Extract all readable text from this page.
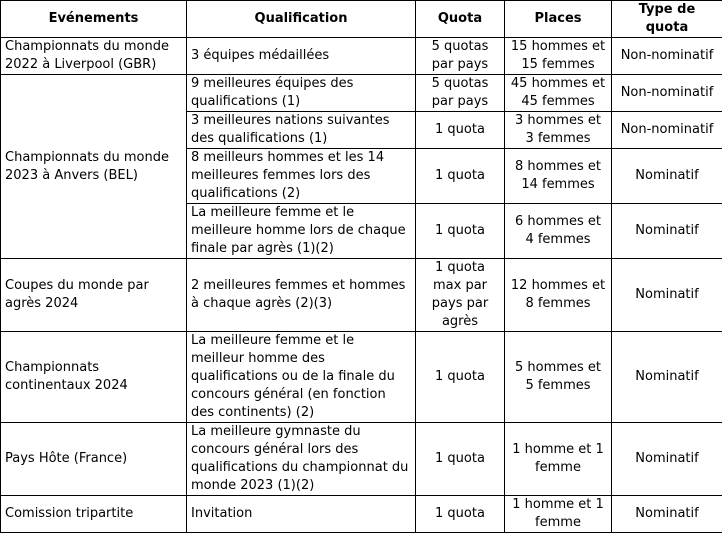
Evénements	Qualification	Quota	Places	Type de quota
Championnats du monde 2022 à Liverpool (GBR)	3 équipes médaillées	5 quotas par pays	15 hommes et 15 femmes	Non-nominatif
Championnats du monde 2023 à Anvers (BEL)	9 meilleures équipes des qualifications (1)	5 quotas par pays	45 hommes et 45 femmes	Non-nominatif
	3 meilleures nations suivantes des qualifications (1)	1 quota	3 hommes et 3 femmes	Non-nominatif
	8 meilleurs hommes et les 14 meilleures femmes lors des qualifications (2)	1 quota	8 hommes et 14 femmes	Nominatif
	La meilleure femme et le meilleure homme lors de chaque finale par agrès (1)(2)	1 quota	6 hommes et 4 femmes	Nominatif
Coupes du monde par agrès 2024	2 meilleures femmes et hommes à chaque agrès (2)(3)	1 quota max par pays par agrès	12 hommes et 8 femmes	Nominatif
Championnats continentaux 2024	La meilleure femme et le meilleur homme des qualifications ou de la finale du concours général (en fonction des continents) (2)	1 quota	5 hommes et 5 femmes	Nominatif
Pays Hôte (France)	La meilleure gymnaste du concours général lors des qualifications du championnat du monde 2023 (1)(2)	1 quota	1 homme et 1 femme	Nominatif
Comission tripartite	Invitation	1 quota	1 homme et 1 femme	Nominatif
